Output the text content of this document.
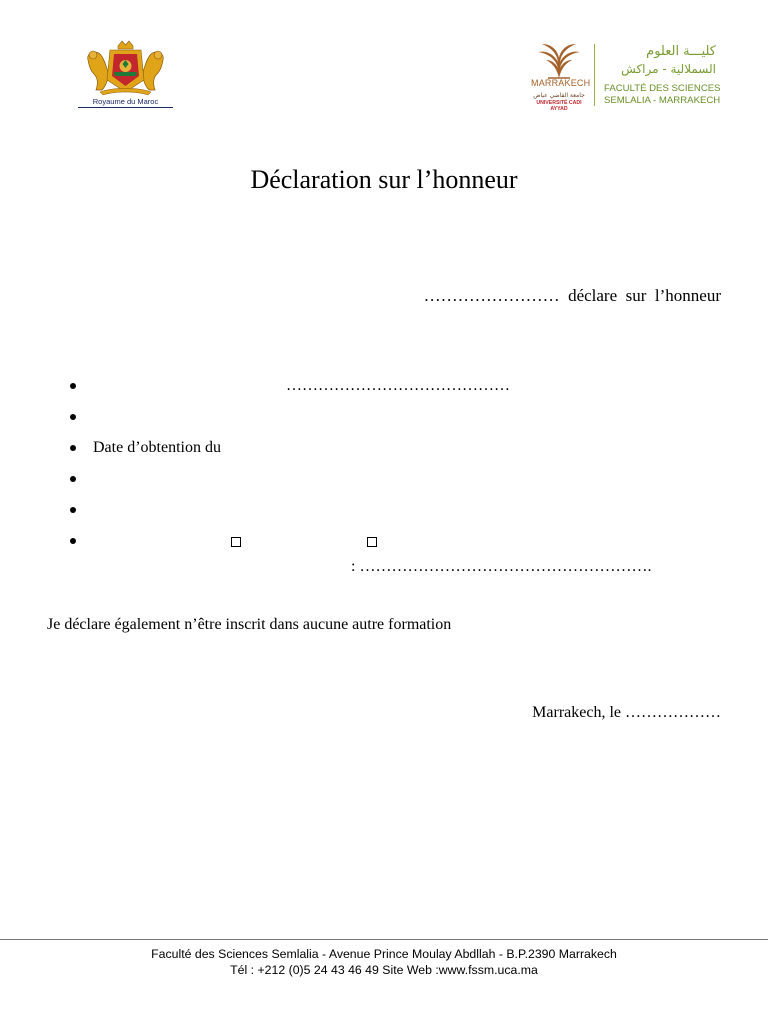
Royaume du Maroc
MARRAKECH
جامعة القاضي عياض
UNIVERSITÉ CADI AYYAD
كليـــة العلوم
السملالية - مراكش
FACULTÉ DES SCIENCES
SEMLALIA - MARRAKECH
Déclaration sur l’honneur
……………………  déclare  sur  l’honneur
……………………………………
Date d’obtention du
: ……………………………………………….
Je déclare également n’être inscrit dans aucune autre formation
Marrakech, le ………………
Faculté des Sciences Semlalia - Avenue Prince Moulay Abdllah - B.P.2390 Marrakech
Tél : +212 (0)5 24 43 46 49 Site Web :www.fssm.uca.ma
